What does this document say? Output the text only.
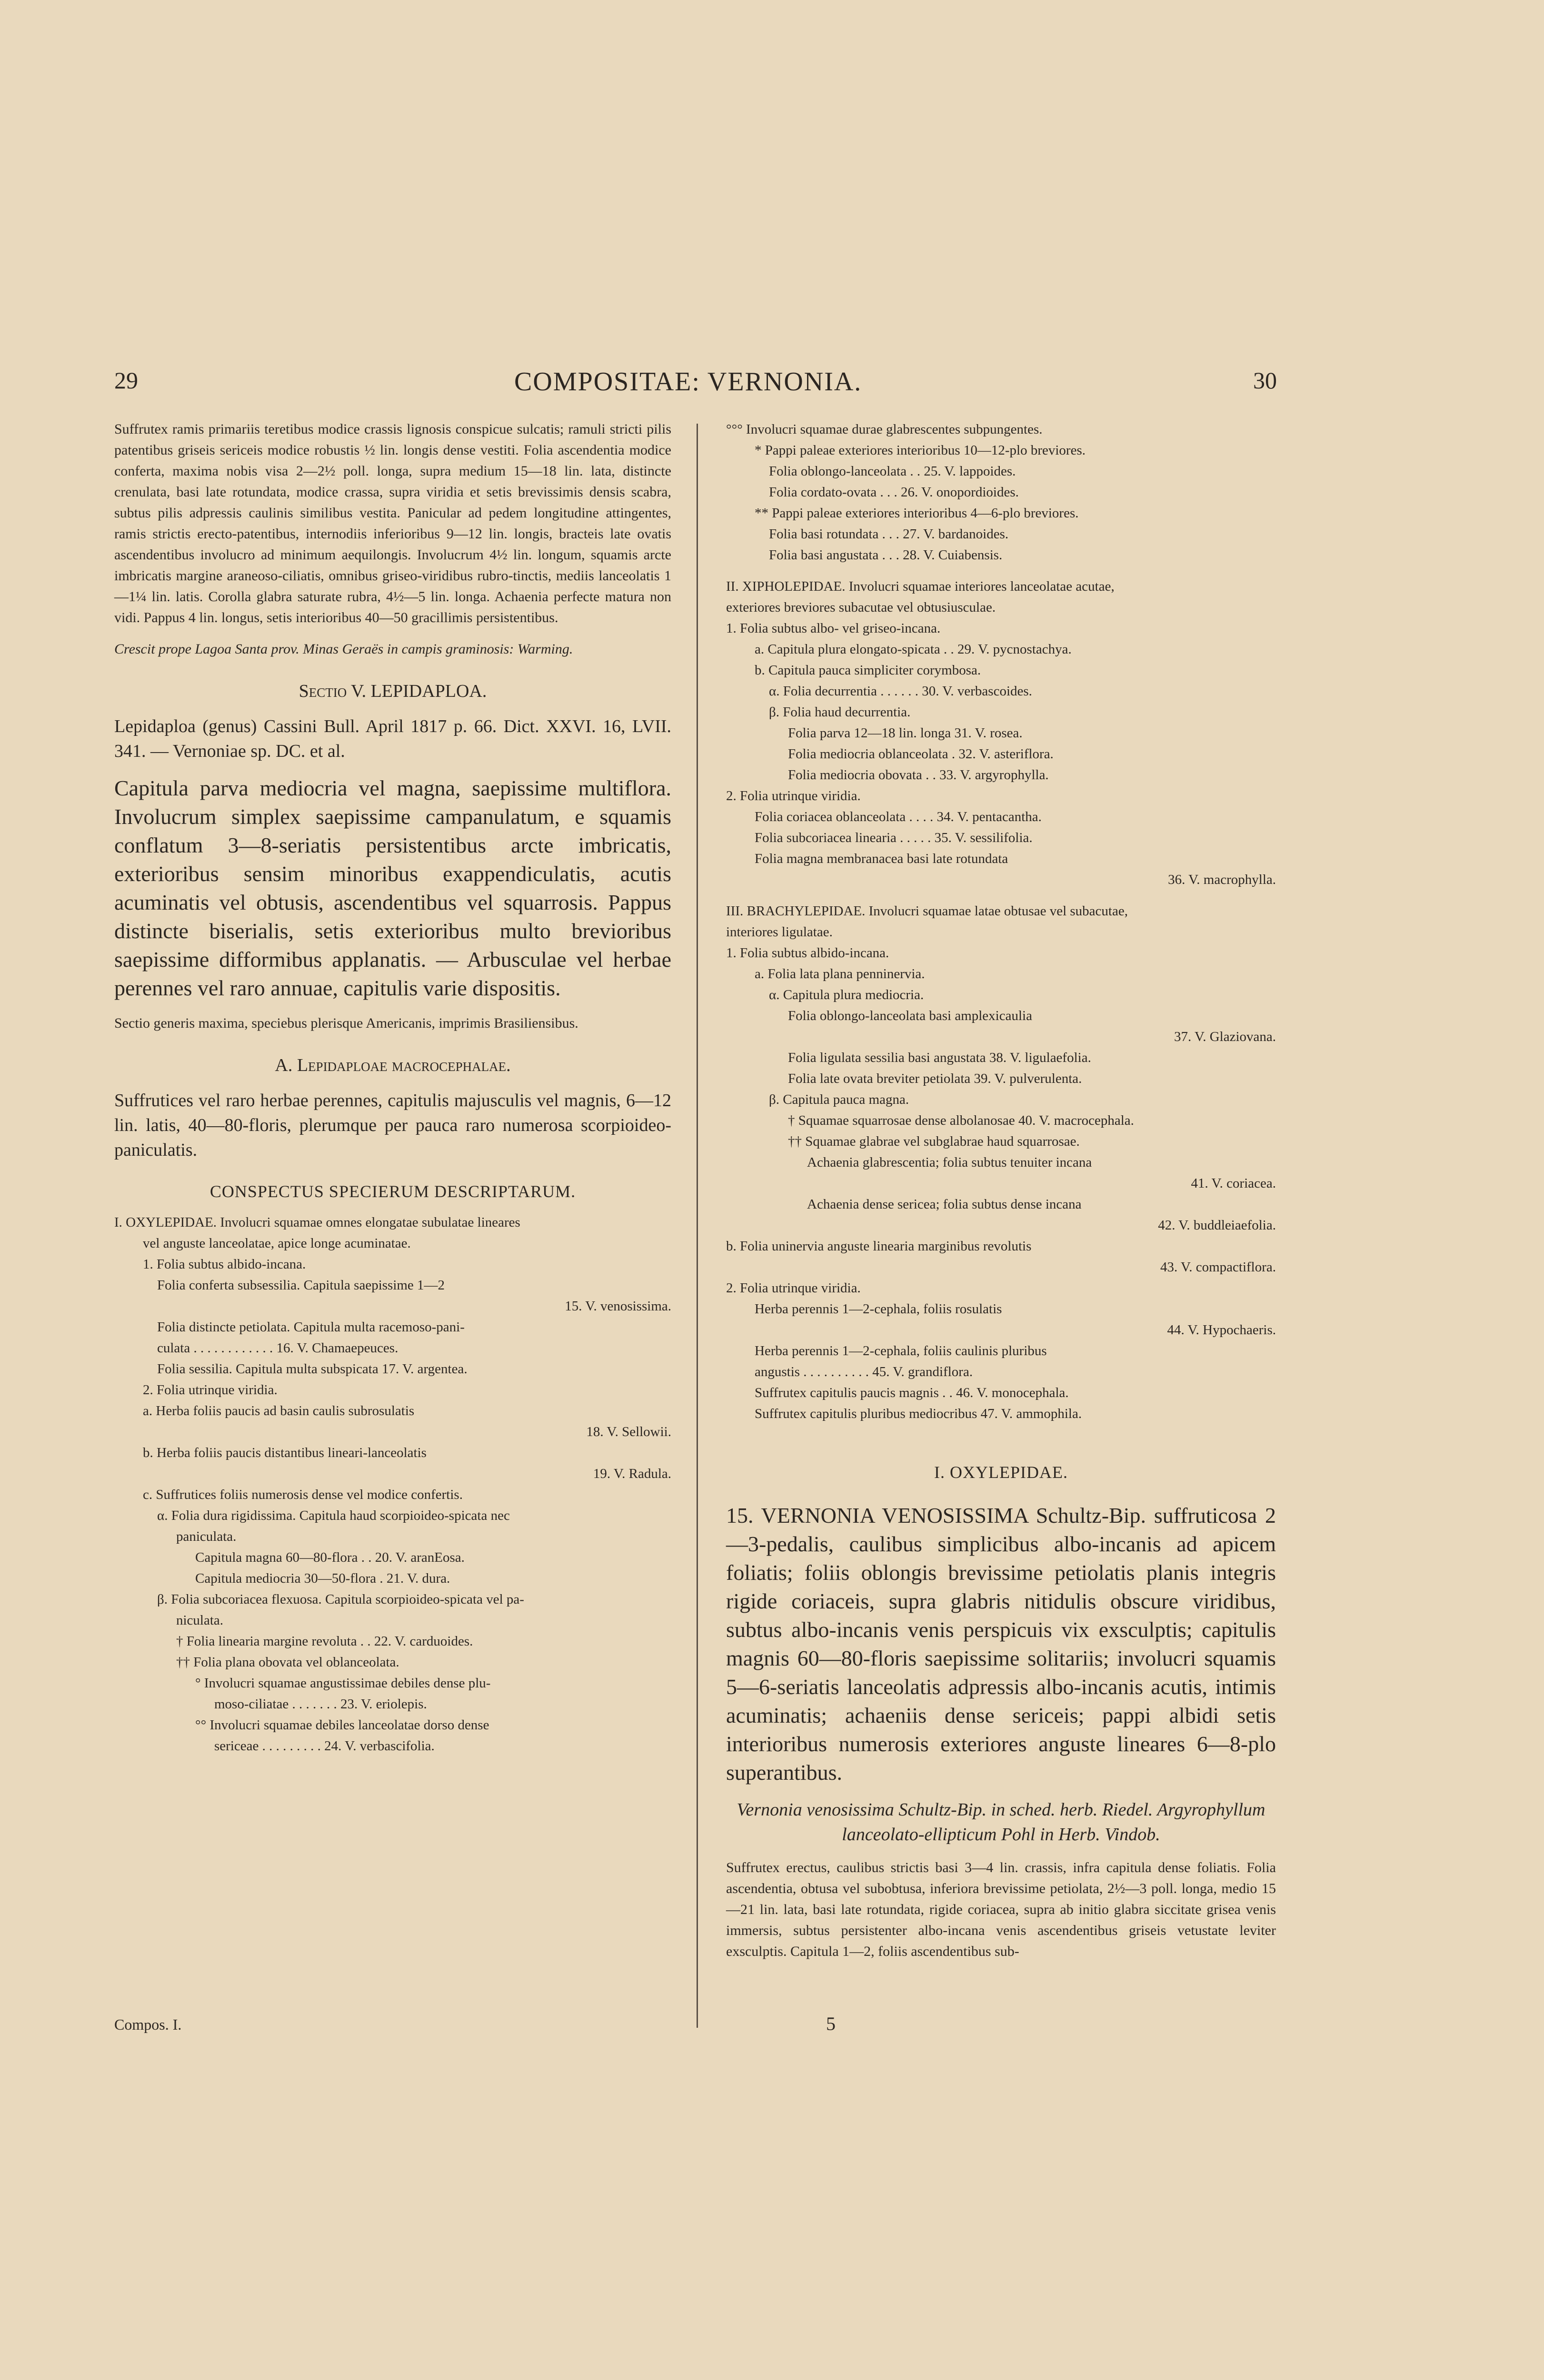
29	COMPOSITAE: VERNONIA.	30

Suffrutex ramis primariis teretibus modice crassis lignosis conspicue sulcatis; ramuli stricti pilis patentibus griseis sericeis modice robustis ½ lin. longis dense vestiti. Folia ascendentia modice conferta, maxima nobis visa 2—2½ poll. longa, supra medium 15—18 lin. lata, distincte crenulata, basi late rotundata, modice crassa, supra viridia et setis brevissimis densis scabra, subtus pilis adpressis caulinis similibus vestita. Panicular ad pedem longitudine attingentes, ramis strictis erecto-patentibus, internodiis inferioribus 9—12 lin. longis, bracteis late ovatis ascendentibus involucro ad minimum aequilongis. Involucrum 4½ lin. longum, squamis arcte imbricatis margine araneoso-ciliatis, omnibus griseo-viridibus rubro-tinctis, mediis lanceolatis 1—1¼ lin. latis. Corolla glabra saturate rubra, 4½—5 lin. longa. Achaenia perfecte matura non vidi. Pappus 4 lin. longus, setis interioribus 40—50 gracillimis persistentibus.

Crescit prope Lagoa Santa prov. Minas Geraës in campis graminosis: Warming.

Sectio V. LEPIDAPLOA.

Lepidaploa (genus) Cassini Bull. April 1817 p. 66. Dict. XXVI. 16, LVII. 341. — Vernoniae sp. DC. et al.

Capitula parva mediocria vel magna, saepissime multiflora. Involucrum simplex saepissime campanulatum, e squamis conflatum 3—8-seriatis persistentibus arcte imbricatis, exterioribus sensim minoribus exappendiculatis, acutis acuminatis vel obtusis, ascendentibus vel squarrosis. Pappus distincte biserialis, setis exterioribus multo brevioribus saepissime difformibus applanatis. — Arbusculae vel herbae perennes vel raro annuae, capitulis varie dispositis.

Sectio generis maxima, speciebus plerisque Americanis, imprimis Brasiliensibus.

A. Lepidaploae macrocephalae.

Suffrutices vel raro herbae perennes, capitulis majusculis vel magnis, 6—12 lin. latis, 40—80-floris, plerumque per pauca raro numerosa scorpioideo-paniculatis.

CONSPECTUS SPECIERUM DESCRIPTARUM.

I. OXYLEPIDAE. Involucri squamae omnes elongatae subulatae lineares
vel anguste lanceolatae, apice longe acuminatae.
1. Folia subtus albido-incana.
Folia conferta subsessilia. Capitula saepissime 1—2
15. V. venosissima.
Folia distincte petiolata. Capitula multa racemoso-pani-
culata . . . . . . . . . . . . 16. V. Chamaepeuces.
Folia sessilia. Capitula multa subspicata 17. V. argentea.
2. Folia utrinque viridia.
a. Herba foliis paucis ad basin caulis subrosulatis
18. V. Sellowii.
b. Herba foliis paucis distantibus lineari-lanceolatis
19. V. Radula.
c. Suffrutices foliis numerosis dense vel modice confertis.
α. Folia dura rigidissima. Capitula haud scorpioideo-spicata nec
paniculata.
Capitula magna 60—80-flora . . 20. V. aranEosa.
Capitula mediocria 30—50-flora . 21. V. dura.
β. Folia subcoriacea flexuosa. Capitula scorpioideo-spicata vel pa-
niculata.
† Folia linearia margine revoluta . . 22. V. carduoides.
†† Folia plana obovata vel oblanceolata.
° Involucri squamae angustissimae debiles dense plu-
moso-ciliatae . . . . . . . 23. V. eriolepis.
°° Involucri squamae debiles lanceolatae dorso dense
sericeae . . . . . . . . . 24. V. verbascifolia.
°°° Involucri squamae durae glabrescentes subpungentes.
* Pappi paleae exteriores interioribus 10—12-plo breviores.
Folia oblongo-lanceolata . . 25. V. lappoides.
Folia cordato-ovata . . . 26. V. onopordioides.
** Pappi paleae exteriores interioribus 4—6-plo breviores.
Folia basi rotundata . . . 27. V. bardanoides.
Folia basi angustata . . . 28. V. Cuiabensis.
II. XIPHOLEPIDAE. Involucri squamae interiores lanceolatae acutae,
exteriores breviores subacutae vel obtusiusculae.
1. Folia subtus albo- vel griseo-incana.
a. Capitula plura elongato-spicata . . 29. V. pycnostachya.
b. Capitula pauca simpliciter corymbosa.
α. Folia decurrentia . . . . . . 30. V. verbascoides.
β. Folia haud decurrentia.
Folia parva 12—18 lin. longa 31. V. rosea.
Folia mediocria oblanceolata . 32. V. asteriflora.
Folia mediocria obovata . . 33. V. argyrophylla.
2. Folia utrinque viridia.
Folia coriacea oblanceolata . . . . 34. V. pentacantha.
Folia subcoriacea linearia . . . . . 35. V. sessilifolia.
Folia magna membranacea basi late rotundata
36. V. macrophylla.
III. BRACHYLEPIDAE. Involucri squamae latae obtusae vel subacutae,
interiores ligulatae.
1. Folia subtus albido-incana.
a. Folia lata plana penninervia.
α. Capitula plura mediocria.
Folia oblongo-lanceolata basi amplexicaulia
37. V. Glaziovana.
Folia ligulata sessilia basi angustata 38. V. ligulaefolia.
Folia late ovata breviter petiolata 39. V. pulverulenta.
β. Capitula pauca magna.
† Squamae squarrosae dense albolanosae 40. V. macrocephala.
†† Squamae glabrae vel subglabrae haud squarrosae.
Achaenia glabrescentia; folia subtus tenuiter incana
41. V. coriacea.
Achaenia dense sericea; folia subtus dense incana
42. V. buddleiaefolia.
b. Folia uninervia anguste linearia marginibus revolutis
43. V. compactiflora.
2. Folia utrinque viridia.
Herba perennis 1—2-cephala, foliis rosulatis
44. V. Hypochaeris.
Herba perennis 1—2-cephala, foliis caulinis pluribus
angustis . . . . . . . . . . 45. V. grandiflora.
Suffrutex capitulis paucis magnis . . 46. V. monocephala.
Suffrutex capitulis pluribus mediocribus 47. V. ammophila.

I. OXYLEPIDAE.

15. VERNONIA VENOSISSIMA Schultz-Bip. suffruticosa 2—3-pedalis, caulibus simplicibus albo-incanis ad apicem foliatis; foliis oblongis brevissime petiolatis planis integris rigide coriaceis, supra glabris nitidulis obscure viridibus, subtus albo-incanis venis perspicuis vix exsculptis; capitulis magnis 60—80-floris saepissime solitariis; involucri squamis 5—6-seriatis lanceolatis adpressis albo-incanis acutis, intimis acuminatis; achaeniis dense sericeis; pappi albidi setis interioribus numerosis exteriores anguste lineares 6—8-plo superantibus.

Vernonia venosissima Schultz-Bip. in sched. herb. Riedel. Argyrophyllum lanceolato-ellipticum Pohl in Herb. Vindob.

Suffrutex erectus, caulibus strictis basi 3—4 lin. crassis, infra capitula dense foliatis. Folia ascendentia, obtusa vel subobtusa, inferiora brevissime petiolata, 2½—3 poll. longa, medio 15—21 lin. lata, basi late rotundata, rigide coriacea, supra ab initio glabra siccitate grisea venis immersis, subtus persistenter albo-incana venis ascendentibus griseis vetustate leviter exsculptis. Capitula 1—2, foliis ascendentibus sub-

Compos. I.	5
